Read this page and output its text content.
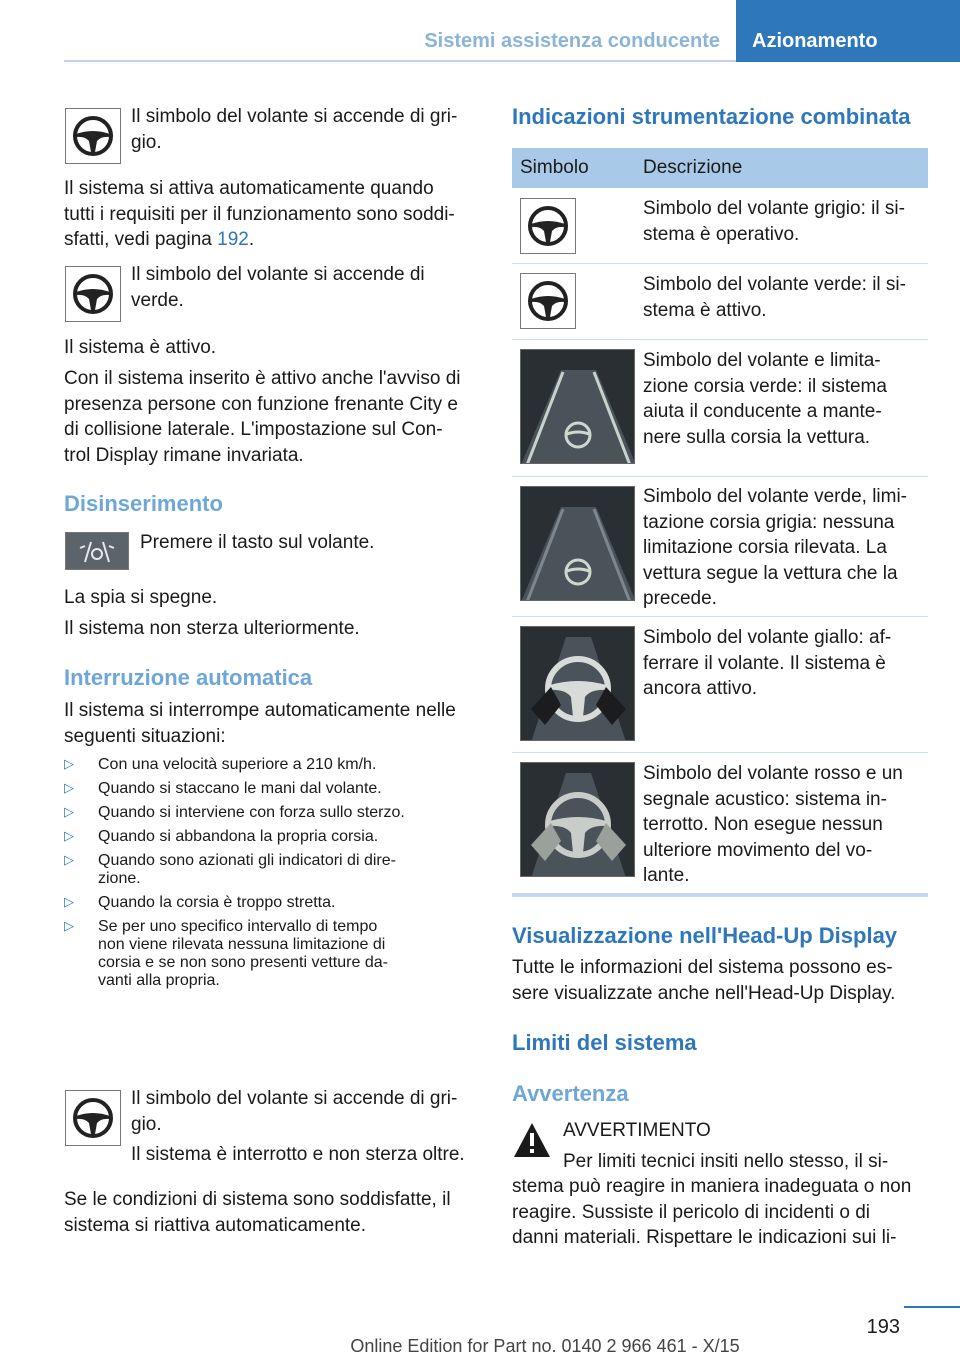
Sistemi assistenza conducente	Azionamento

Il simbolo del volante si accende di gri-
gio.

Il sistema si attiva automaticamente quando
tutti i requisiti per il funzionamento sono soddi-
sfatti, vedi pagina 192.

Il simbolo del volante si accende di
verde.

Il sistema è attivo.

Con il sistema inserito è attivo anche l'avviso di
presenza persone con funzione frenante City e
di collisione laterale. L'impostazione sul Con-
trol Display rimane invariata.

Disinserimento

Premere il tasto sul volante.

La spia si spegne.

Il sistema non sterza ulteriormente.

Interruzione automatica

Il sistema si interrompe automaticamente nelle
seguenti situazioni:

▷	Con una velocità superiore a 210 km/h.
▷	Quando si staccano le mani dal volante.
▷	Quando si interviene con forza sullo sterzo.
▷	Quando si abbandona la propria corsia.
▷	Quando sono azionati gli indicatori di dire-
zione.
▷	Quando la corsia è troppo stretta.
▷	Se per uno specifico intervallo di tempo
non viene rilevata nessuna limitazione di
corsia e se non sono presenti vetture da-
vanti alla propria.

Il simbolo del volante si accende di gri-
gio.

Il sistema è interrotto e non sterza oltre.

Se le condizioni di sistema sono soddisfatte, il
sistema si riattiva automaticamente.

Indicazioni strumentazione combinata
Simbolo	Descrizione

Simbolo del volante grigio: il si-
stema è operativo.

Simbolo del volante verde: il si-
stema è attivo.

Simbolo del volante e limita-
zione corsia verde: il sistema
aiuta il conducente a mante-
nere sulla corsia la vettura.

Simbolo del volante verde, limi-
tazione corsia grigia: nessuna
limitazione corsia rilevata. La
vettura segue la vettura che la
precede.

Simbolo del volante giallo: af-
ferrare il volante. Il sistema è
ancora attivo.

Simbolo del volante rosso e un
segnale acustico: sistema in-
terrotto. Non esegue nessun
ulteriore movimento del vo-
lante.

Visualizzazione nell'Head-Up Display

Tutte le informazioni del sistema possono es-
sere visualizzate anche nell'Head-Up Display.

Limiti del sistema
Avvertenza

AVVERTIMENTO

Per limiti tecnici insiti nello stesso, il si-

stema può reagire in maniera inadeguata o non
reagire. Sussiste il pericolo di incidenti o di
danni materiali. Rispettare le indicazioni sui li-

193
Online Edition for Part no. 0140 2 966 461 - X/15
